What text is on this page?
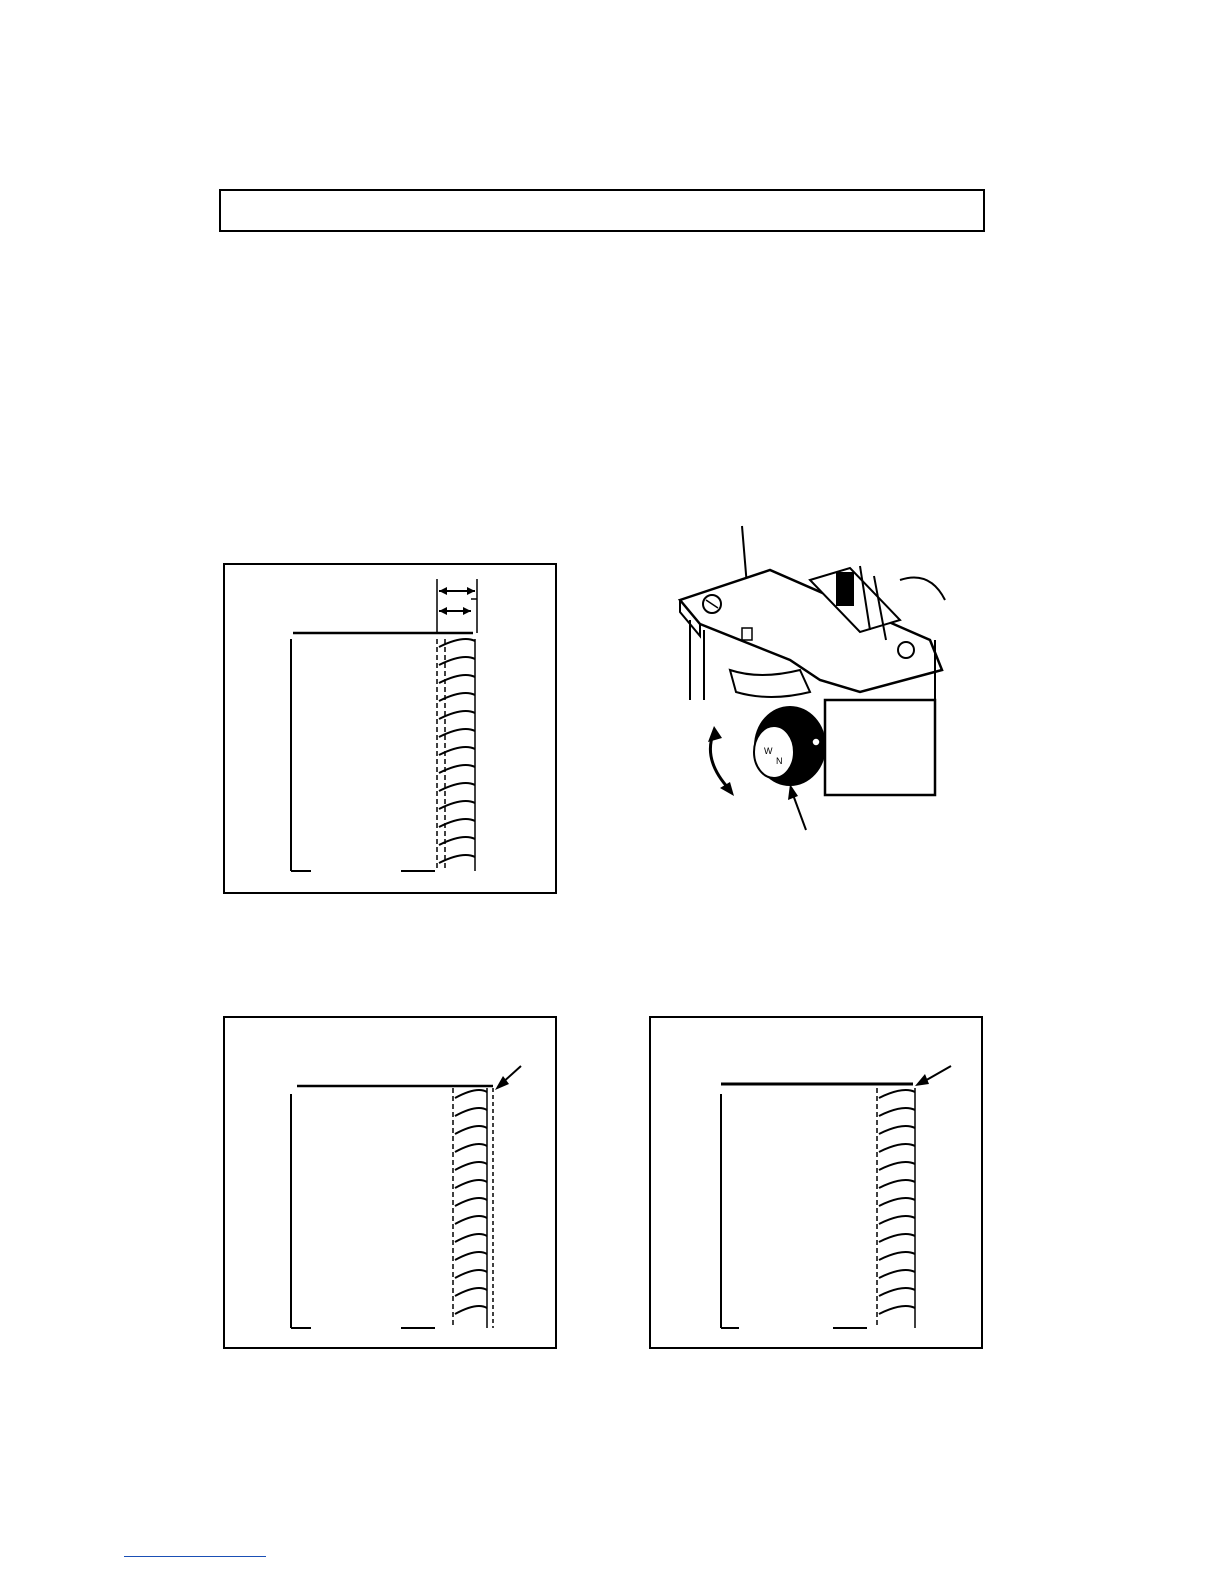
W
N
